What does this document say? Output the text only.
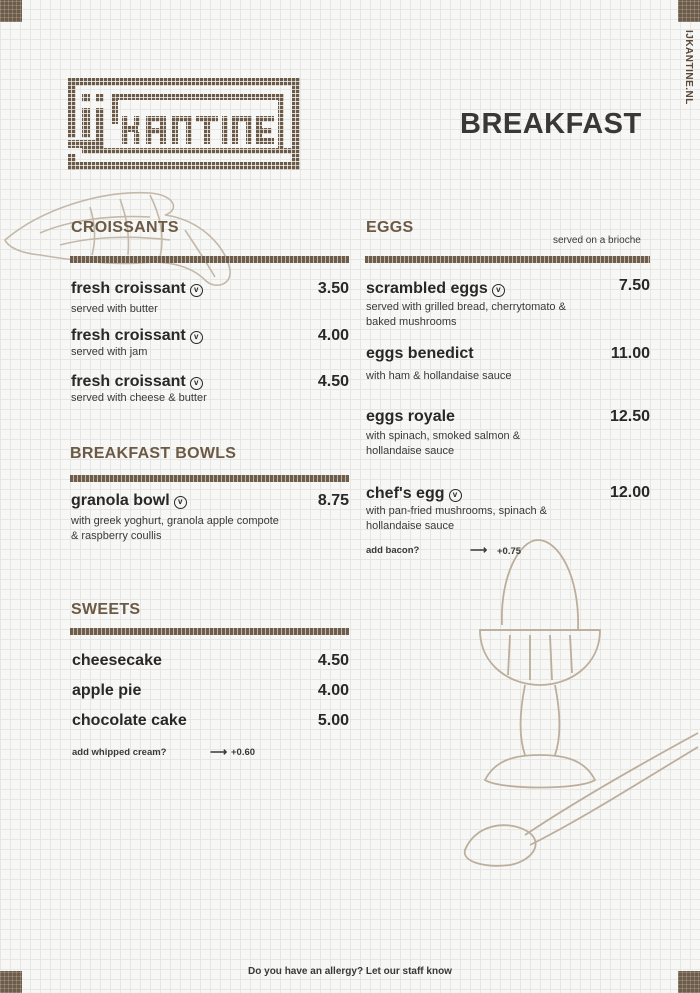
IJKANTINE.NL
BREAKFAST
CROISSANTS
fresh croissant v	3.50
served with butter
fresh croissant v	4.00
served with jam
fresh croissant v	4.50
served with cheese & butter
BREAKFAST BOWLS
granola bowl v	8.75
with greek yoghurt, granola apple compote
& raspberry coullis
SWEETS
cheesecake	4.50
apple pie	4.00
chocolate cake	5.00
add whipped cream?	⟶ +0.60
EGGS
served on a brioche
scrambled eggs v	7.50
served with grilled bread, cherrytomato &
baked mushrooms
eggs benedict	11.00
with ham & hollandaise sauce
eggs royale	12.50
with spinach, smoked salmon &
hollandaise sauce
chef's egg v	12.00
with pan-fried mushrooms, spinach &
hollandaise sauce
add bacon?	⟶ +0.75
Do you have an allergy? Let our staff know
